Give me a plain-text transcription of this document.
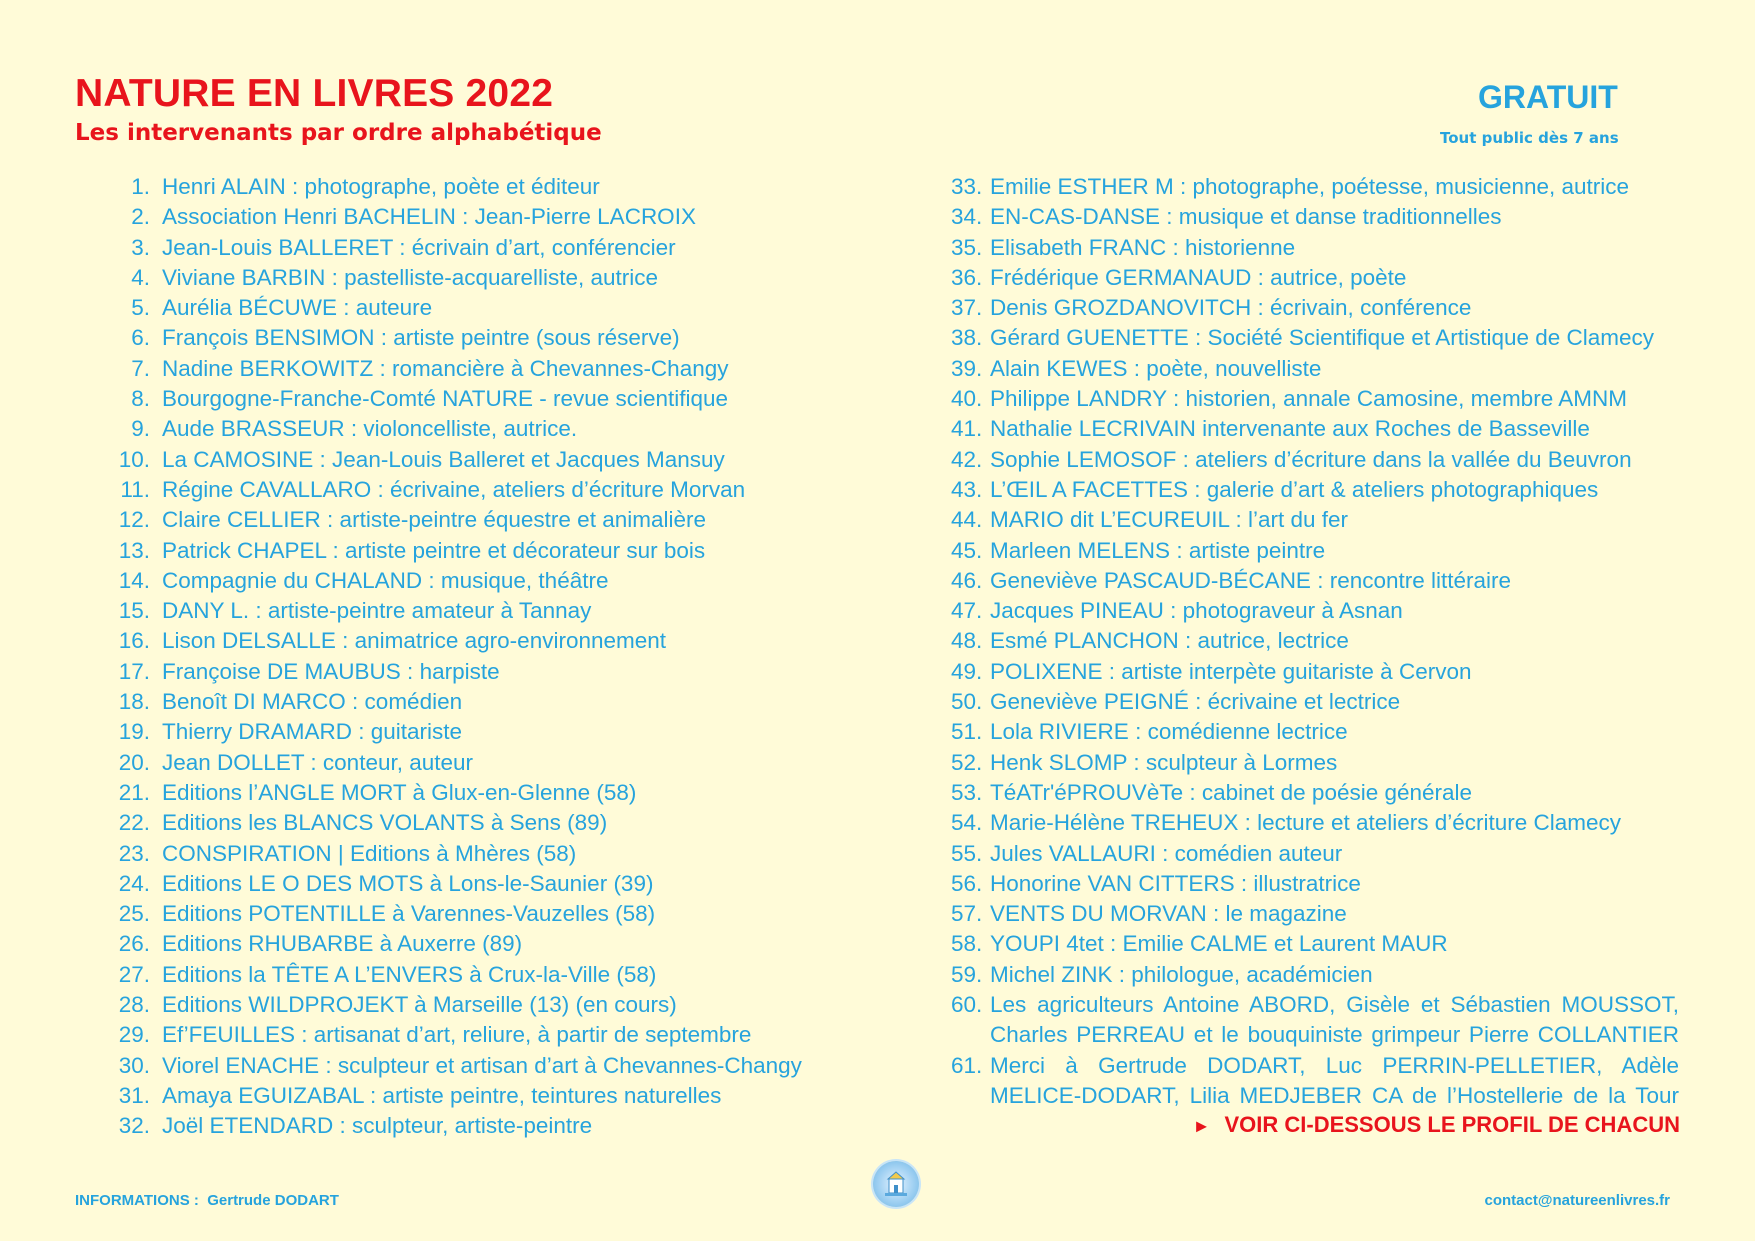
NATURE EN LIVRES 2022
Les intervenants par ordre alphabétique
GRATUIT
Tout public dès 7 ans
1. Henri ALAIN : photographe, poète et éditeur
2. Association Henri BACHELIN : Jean-Pierre LACROIX
3. Jean-Louis BALLERET : écrivain d’art, conférencier
4. Viviane BARBIN : pastelliste-acquarelliste, autrice
5. Aurélia BÉCUWE : auteure
6. François BENSIMON : artiste peintre (sous réserve)
7. Nadine BERKOWITZ : romancière à Chevannes-Changy
8. Bourgogne-Franche-Comté NATURE - revue scientifique
9. Aude BRASSEUR : violoncelliste, autrice.
10. La CAMOSINE : Jean-Louis Balleret et Jacques Mansuy
11. Régine CAVALLARO : écrivaine, ateliers d’écriture Morvan
12. Claire CELLIER : artiste-peintre équestre et animalière
13. Patrick CHAPEL : artiste peintre et décorateur sur bois
14. Compagnie du CHALAND : musique, théâtre
15. DANY L. : artiste-peintre amateur à Tannay
16. Lison DELSALLE : animatrice agro-environnement
17. Françoise DE MAUBUS : harpiste
18. Benoît DI MARCO : comédien
19. Thierry DRAMARD : guitariste
20. Jean DOLLET : conteur, auteur
21. Editions l’ANGLE MORT à Glux-en-Glenne (58)
22. Editions les BLANCS VOLANTS à Sens (89)
23. CONSPIRATION | Editions à Mhères (58)
24. Editions LE O DES MOTS à Lons-le-Saunier (39)
25. Editions POTENTILLE à Varennes-Vauzelles (58)
26. Editions RHUBARBE à Auxerre (89)
27. Editions la TÊTE A L’ENVERS à Crux-la-Ville (58)
28. Editions WILDPROJEKT à Marseille (13) (en cours)
29. Ef’FEUILLES : artisanat d’art, reliure, à partir de septembre
30. Viorel ENACHE : sculpteur et artisan d’art à Chevannes-Changy
31. Amaya EGUIZABAL : artiste peintre, teintures naturelles
32. Joël ETENDARD : sculpteur, artiste-peintre
33. Emilie ESTHER M : photographe, poétesse, musicienne, autrice
34. EN-CAS-DANSE : musique et danse traditionnelles
35. Elisabeth FRANC : historienne
36. Frédérique GERMANAUD : autrice, poète
37. Denis GROZDANOVITCH : écrivain, conférence
38. Gérard GUENETTE : Société Scientifique et Artistique de Clamecy
39. Alain KEWES : poète, nouvelliste
40. Philippe LANDRY : historien, annale Camosine, membre AMNM
41. Nathalie LECRIVAIN intervenante aux Roches de Basseville
42. Sophie LEMOSOF : ateliers d’écriture dans la vallée du Beuvron
43. L’ŒIL A FACETTES : galerie d’art & ateliers photographiques
44. MARIO dit L’ECUREUIL : l’art du fer
45. Marleen MELENS : artiste peintre
46. Geneviève PASCAUD-BÉCANE : rencontre littéraire
47. Jacques PINEAU : photograveur à Asnan
48. Esmé PLANCHON : autrice, lectrice
49. POLIXENE : artiste interpète guitariste à Cervon
50. Geneviève PEIGNÉ : écrivaine et lectrice
51. Lola RIVIERE : comédienne lectrice
52. Henk SLOMP : sculpteur à Lormes
53. TéATr'éPROUVèTe : cabinet de poésie générale
54. Marie-Hélène TREHEUX : lecture et ateliers d’écriture Clamecy
55. Jules VALLAURI : comédien auteur
56. Honorine VAN CITTERS : illustratrice
57. VENTS DU MORVAN : le magazine
58. YOUPI 4tet : Emilie CALME et Laurent MAUR
59. Michel ZINK : philologue, académicien
60. Les agriculteurs Antoine ABORD, Gisèle et Sébastien MOUSSOT, Charles PERREAU et le bouquiniste grimpeur Pierre COLLANTIER
61. Merci à Gertrude DODART, Luc PERRIN-PELLETIER, Adèle MELICE-DODART, Lilia MEDJEBER CA de l’Hostellerie de la Tour
► VOIR CI-DESSOUS LE PROFIL DE CHACUN
INFORMATIONS : Gertrude DODART	contact@natureenlivres.fr
